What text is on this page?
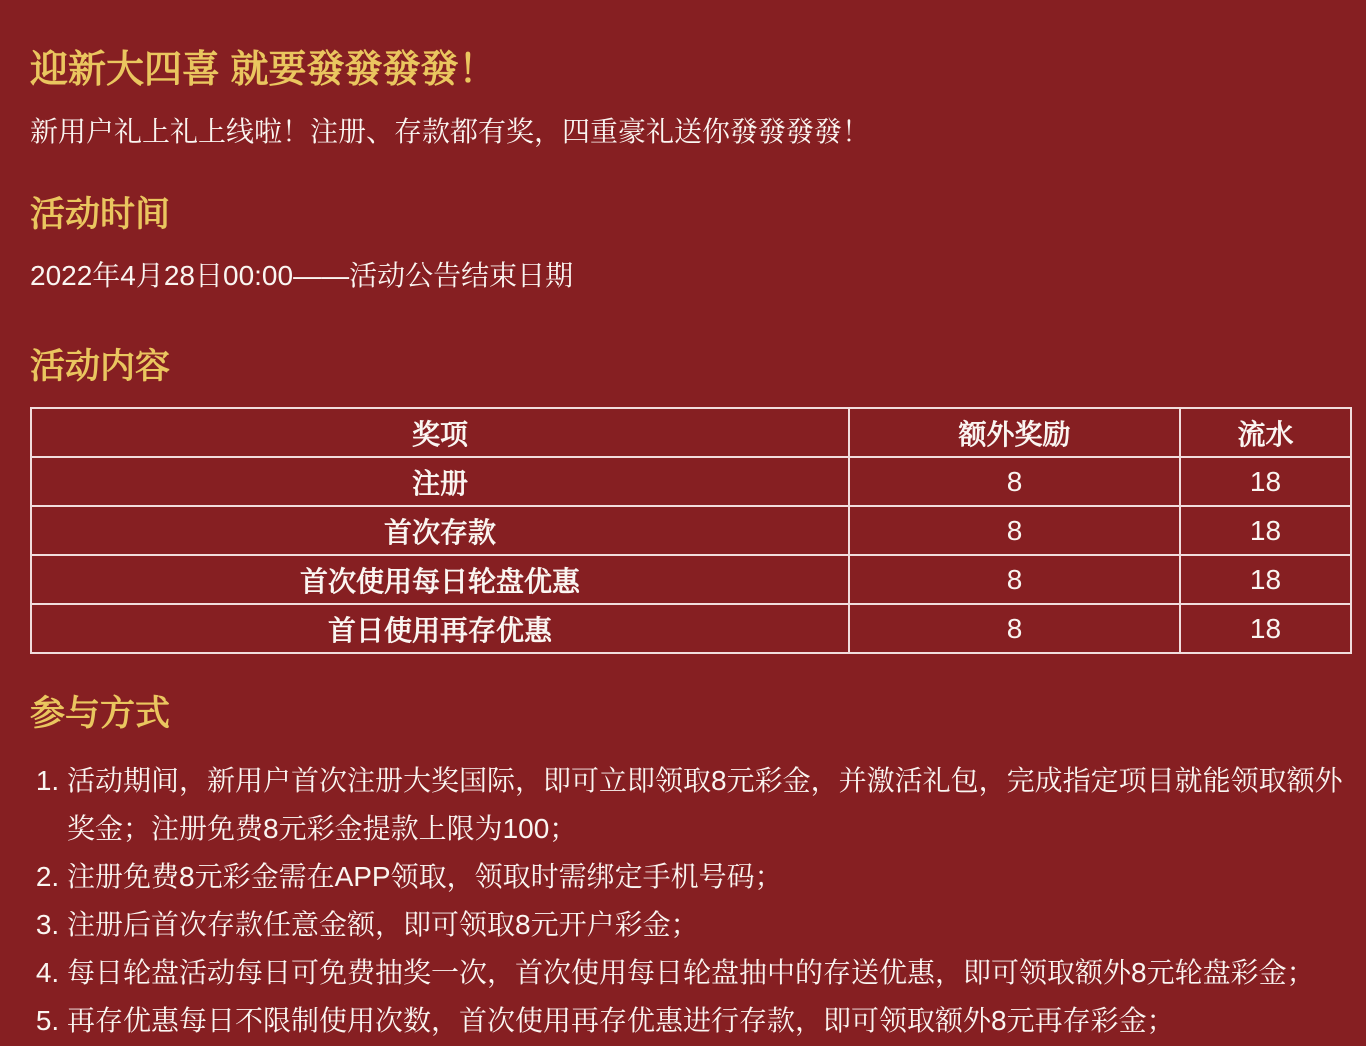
迎新大四喜 就要發發發發！

新用户礼上礼上线啦！注册、存款都有奖，四重豪礼送你發發發發！

活动时间

2022年4月28日00:00——活动公告结束日期

活动内容
奖项	额外奖励	流水
注册	8	18
首次存款	8	18
首次使用每日轮盘优惠	8	18
首日使用再存优惠	8	18
参与方式
1. 活动期间，新用户首次注册大奖国际，即可立即领取8元彩金，并激活礼包，完成指定项目就能领取额外奖金；注册免费8元彩金提款上限为100；
2. 注册免费8元彩金需在APP领取，领取时需绑定手机号码；
3. 注册后首次存款任意金额，即可领取8元开户彩金；
4. 每日轮盘活动每日可免费抽奖一次，首次使用每日轮盘抽中的存送优惠，即可领取额外8元轮盘彩金；
5. 再存优惠每日不限制使用次数，首次使用再存优惠进行存款，即可领取额外8元再存彩金；
